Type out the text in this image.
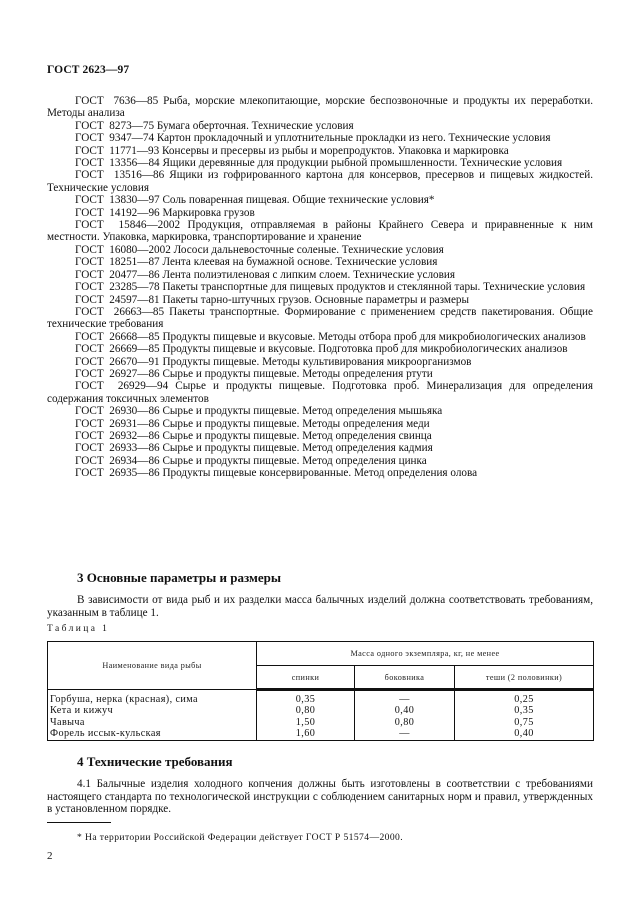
ГОСТ 2623—97
ГОСТ  7636—85 Рыба, морские млекопитающие, морские беспозвоночные и продукты их переработки. Методы анализа
ГОСТ  8273—75 Бумага оберточная. Технические условия
ГОСТ  9347—74 Картон прокладочный и уплотнительные прокладки из него. Технические условия
ГОСТ  11771—93 Консервы и пресервы из рыбы и морепродуктов. Упаковка и маркировка
ГОСТ  13356—84 Ящики деревянные для продукции рыбной промышленности. Технические условия
ГОСТ  13516—86 Ящики из гофрированного картона для консервов, пресервов и пищевых жидкостей. Технические условия
ГОСТ  13830—97 Соль поваренная пищевая. Общие технические условия*
ГОСТ  14192—96 Маркировка грузов
ГОСТ  15846—2002 Продукция, отправляемая в районы Крайнего Севера и приравненные к ним местности. Упаковка, маркировка, транспортирование и хранение
ГОСТ  16080—2002 Лососи дальневосточные соленые. Технические условия
ГОСТ  18251—87 Лента клеевая на бумажной основе. Технические условия
ГОСТ  20477—86 Лента полиэтиленовая с липким слоем. Технические условия
ГОСТ  23285—78 Пакеты транспортные для пищевых продуктов и стеклянной тары. Технические условия
ГОСТ  24597—81 Пакеты тарно-штучных грузов. Основные параметры и размеры
ГОСТ  26663—85 Пакеты транспортные. Формирование с применением средств пакетирования. Общие технические требования
ГОСТ  26668—85 Продукты пищевые и вкусовые. Методы отбора проб для микробиологических анализов
ГОСТ  26669—85 Продукты пищевые и вкусовые. Подготовка проб для микробиологических анализов
ГОСТ  26670—91 Продукты пищевые. Методы культивирования микроорганизмов
ГОСТ  26927—86 Сырье и продукты пищевые. Методы определения ртути
ГОСТ  26929—94 Сырье и продукты пищевые. Подготовка проб. Минерализация для определения содержания токсичных элементов
ГОСТ  26930—86 Сырье и продукты пищевые. Метод определения мышьяка
ГОСТ  26931—86 Сырье и продукты пищевые. Методы определения меди
ГОСТ  26932—86 Сырье и продукты пищевые. Метод определения свинца
ГОСТ  26933—86 Сырье и продукты пищевые. Метод определения кадмия
ГОСТ  26934—86 Сырье и продукты пищевые. Метод определения цинка
ГОСТ  26935—86 Продукты пищевые консервированные. Метод определения олова
3 Основные параметры и размеры
В зависимости от вида рыб и их разделки масса балычных изделий должна соответствовать требованиям, указанным в таблице 1.
Таблица 1
Наименование вида рыбы	Масса одного экземпляра, кг, не менее		
	спинки	боковника	теши (2 половинки)
Горбуша, нерка (красная), сима	0,35	—	0,25
Кета и кижуч	0,80	0,40	0,35
Чавыча	1,50	0,80	0,75
Форель иссык-кульская	1,60	—	0,40
4 Технические требования
4.1 Балычные изделия холодного копчения должны быть изготовлены в соответствии с требованиями настоящего стандарта по технологической инструкции с соблюдением санитарных норм и правил, утвержденных в установленном порядке.
* На территории Российской Федерации действует ГОСТ Р 51574—2000.
2
